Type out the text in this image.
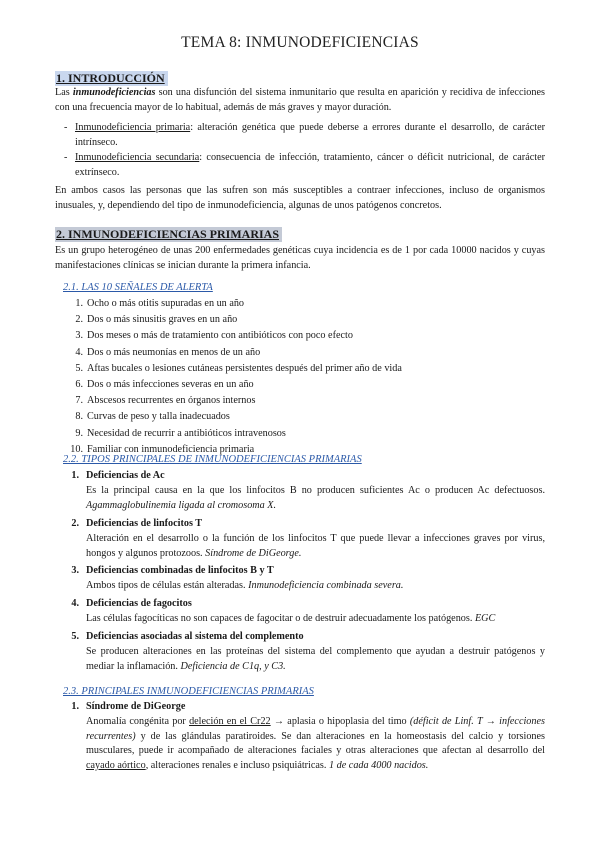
TEMA 8: INMUNODEFICIENCIAS
1. INTRODUCCIÓN
Las inmunodeficiencias son una disfunción del sistema inmunitario que resulta en aparición y recidiva de infecciones con una frecuencia mayor de lo habitual, además de más graves y mayor duración.
- Inmunodeficiencia primaria: alteración genética que puede deberse a errores durante el desarrollo, de carácter intrínseco.
- Inmunodeficiencia secundaria: consecuencia de infección, tratamiento, cáncer o déficit nutricional, de carácter extrínseco.
En ambos casos las personas que las sufren son más susceptibles a contraer infecciones, incluso de organismos inusuales, y, dependiendo del tipo de inmunodeficiencia, algunas de unos patógenos concretos.
2. INMUNODEFICIENCIAS PRIMARIAS
Es un grupo heterogéneo de unas 200 enfermedades genéticas cuya incidencia es de 1 por cada 10000 nacidos y cuyas manifestaciones clínicas se inician durante la primera infancia.
2.1. LAS 10 SEÑALES DE ALERTA
1. Ocho o más otitis supuradas en un año
2. Dos o más sinusitis graves en un año
3. Dos meses o más de tratamiento con antibióticos con poco efecto
4. Dos o más neumonías en menos de un año
5. Aftas bucales o lesiones cutáneas persistentes después del primer año de vida
6. Dos o más infecciones severas en un año
7. Abscesos recurrentes en órganos internos
8. Curvas de peso y talla inadecuados
9. Necesidad de recurrir a antibióticos intravenosos
10. Familiar con inmunodeficiencia primaria
2.2. TIPOS PRINCIPALES DE INMUNODEFICIENCIAS PRIMARIAS
1. Deficiencias de Ac
Es la principal causa en la que los linfocitos B no producen suficientes Ac o producen Ac defectuosos. Agammaglobulinemia ligada al cromosoma X.
2. Deficiencias de linfocitos T
Alteración en el desarrollo o la función de los linfocitos T que puede llevar a infecciones graves por virus, hongos y algunos protozoos. Síndrome de DiGeorge.
3. Deficiencias combinadas de linfocitos B y T
Ambos tipos de células están alteradas. Inmunodeficiencia combinada severa.
4. Deficiencias de fagocitos
Las células fagocíticas no son capaces de fagocitar o de destruir adecuadamente los patógenos. EGC
5. Deficiencias asociadas al sistema del complemento
Se producen alteraciones en las proteínas del sistema del complemento que ayudan a destruir patógenos y mediar la inflamación. Deficiencia de C1q, y C3.
2.3. PRINCIPALES INMUNODEFICIENCIAS PRIMARIAS
1. Síndrome de DiGeorge
Anomalía congénita por deleción en el Cr22 → aplasia o hipoplasia del timo (déficit de Linf. T → infecciones recurrentes) y de las glándulas paratiroides. Se dan alteraciones en la homeostasis del calcio y torsiones musculares, puede ir acompañado de alteraciones faciales y otras alteraciones que afectan al desarrollo del cayado aórtico, alteraciones renales e incluso psiquiátricas. 1 de cada 4000 nacidos.
